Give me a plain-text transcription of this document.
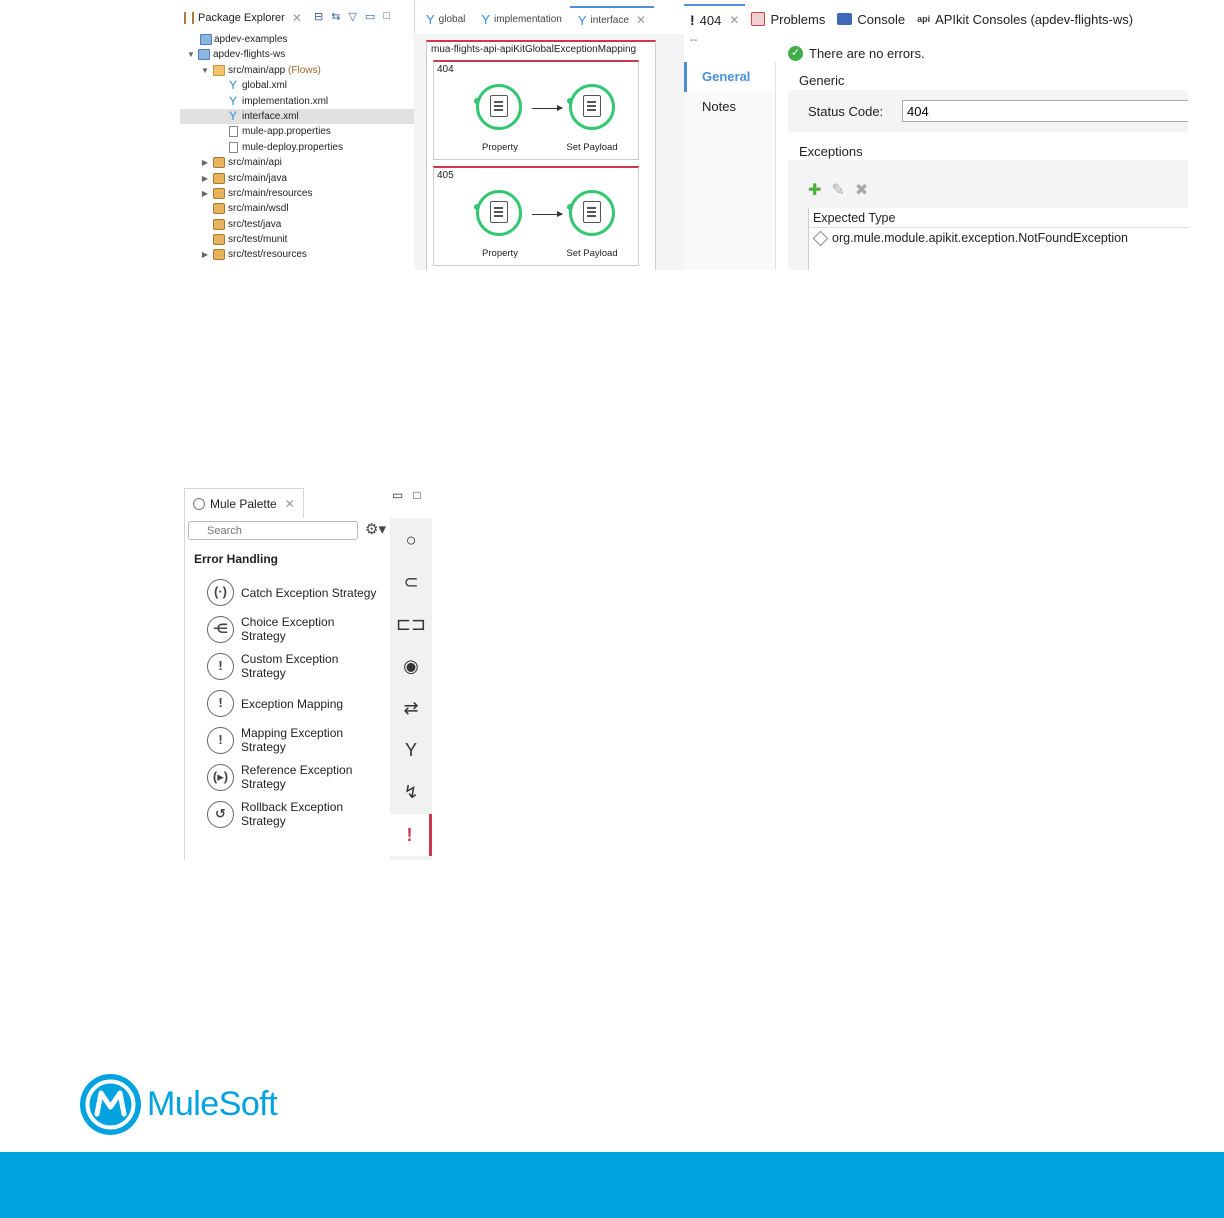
Package Explorer ✕ ⊟ ⇆ ▽ ▭ □
apdev-examples
▼ apdev-flights-ws
▼ src/main/app (Flows)
Y global.xml
Y implementation.xml
Y interface.xml
mule-app.properties
mule-deploy.properties
▶ src/main/api
▶ src/main/java
▶ src/main/resources
src/main/wsdl
src/test/java
src/test/munit
▶ src/test/resources
Y global Y implementation Y interface ✕
mua-flights-api-apiKitGlobalExceptionMapping
404
Property	Set Payload
405
Property	Set Payload
! 404 ✕ Problems Console api APIkit Consoles (apdev-flights-ws)
--
General
Notes
✓ There are no errors.
Generic
Status Code:
404
Exceptions
✚ ✎ ✖
Expected Type
org.mule.module.apikit.exception.NotFoundException
Mule Palette ✕
▭ □
Search
⚙▾
Error Handling
(·)	Catch Exception Strategy
⋲	Choice Exception
Strategy
!	Custom Exception
Strategy
!	Exception Mapping
!	Mapping Exception
Strategy
(▸)	Reference Exception
Strategy
↺	Rollback Exception
Strategy
○
⊂
⊏⊐
◉
⇄
Y
↯
!
MuleSoft
